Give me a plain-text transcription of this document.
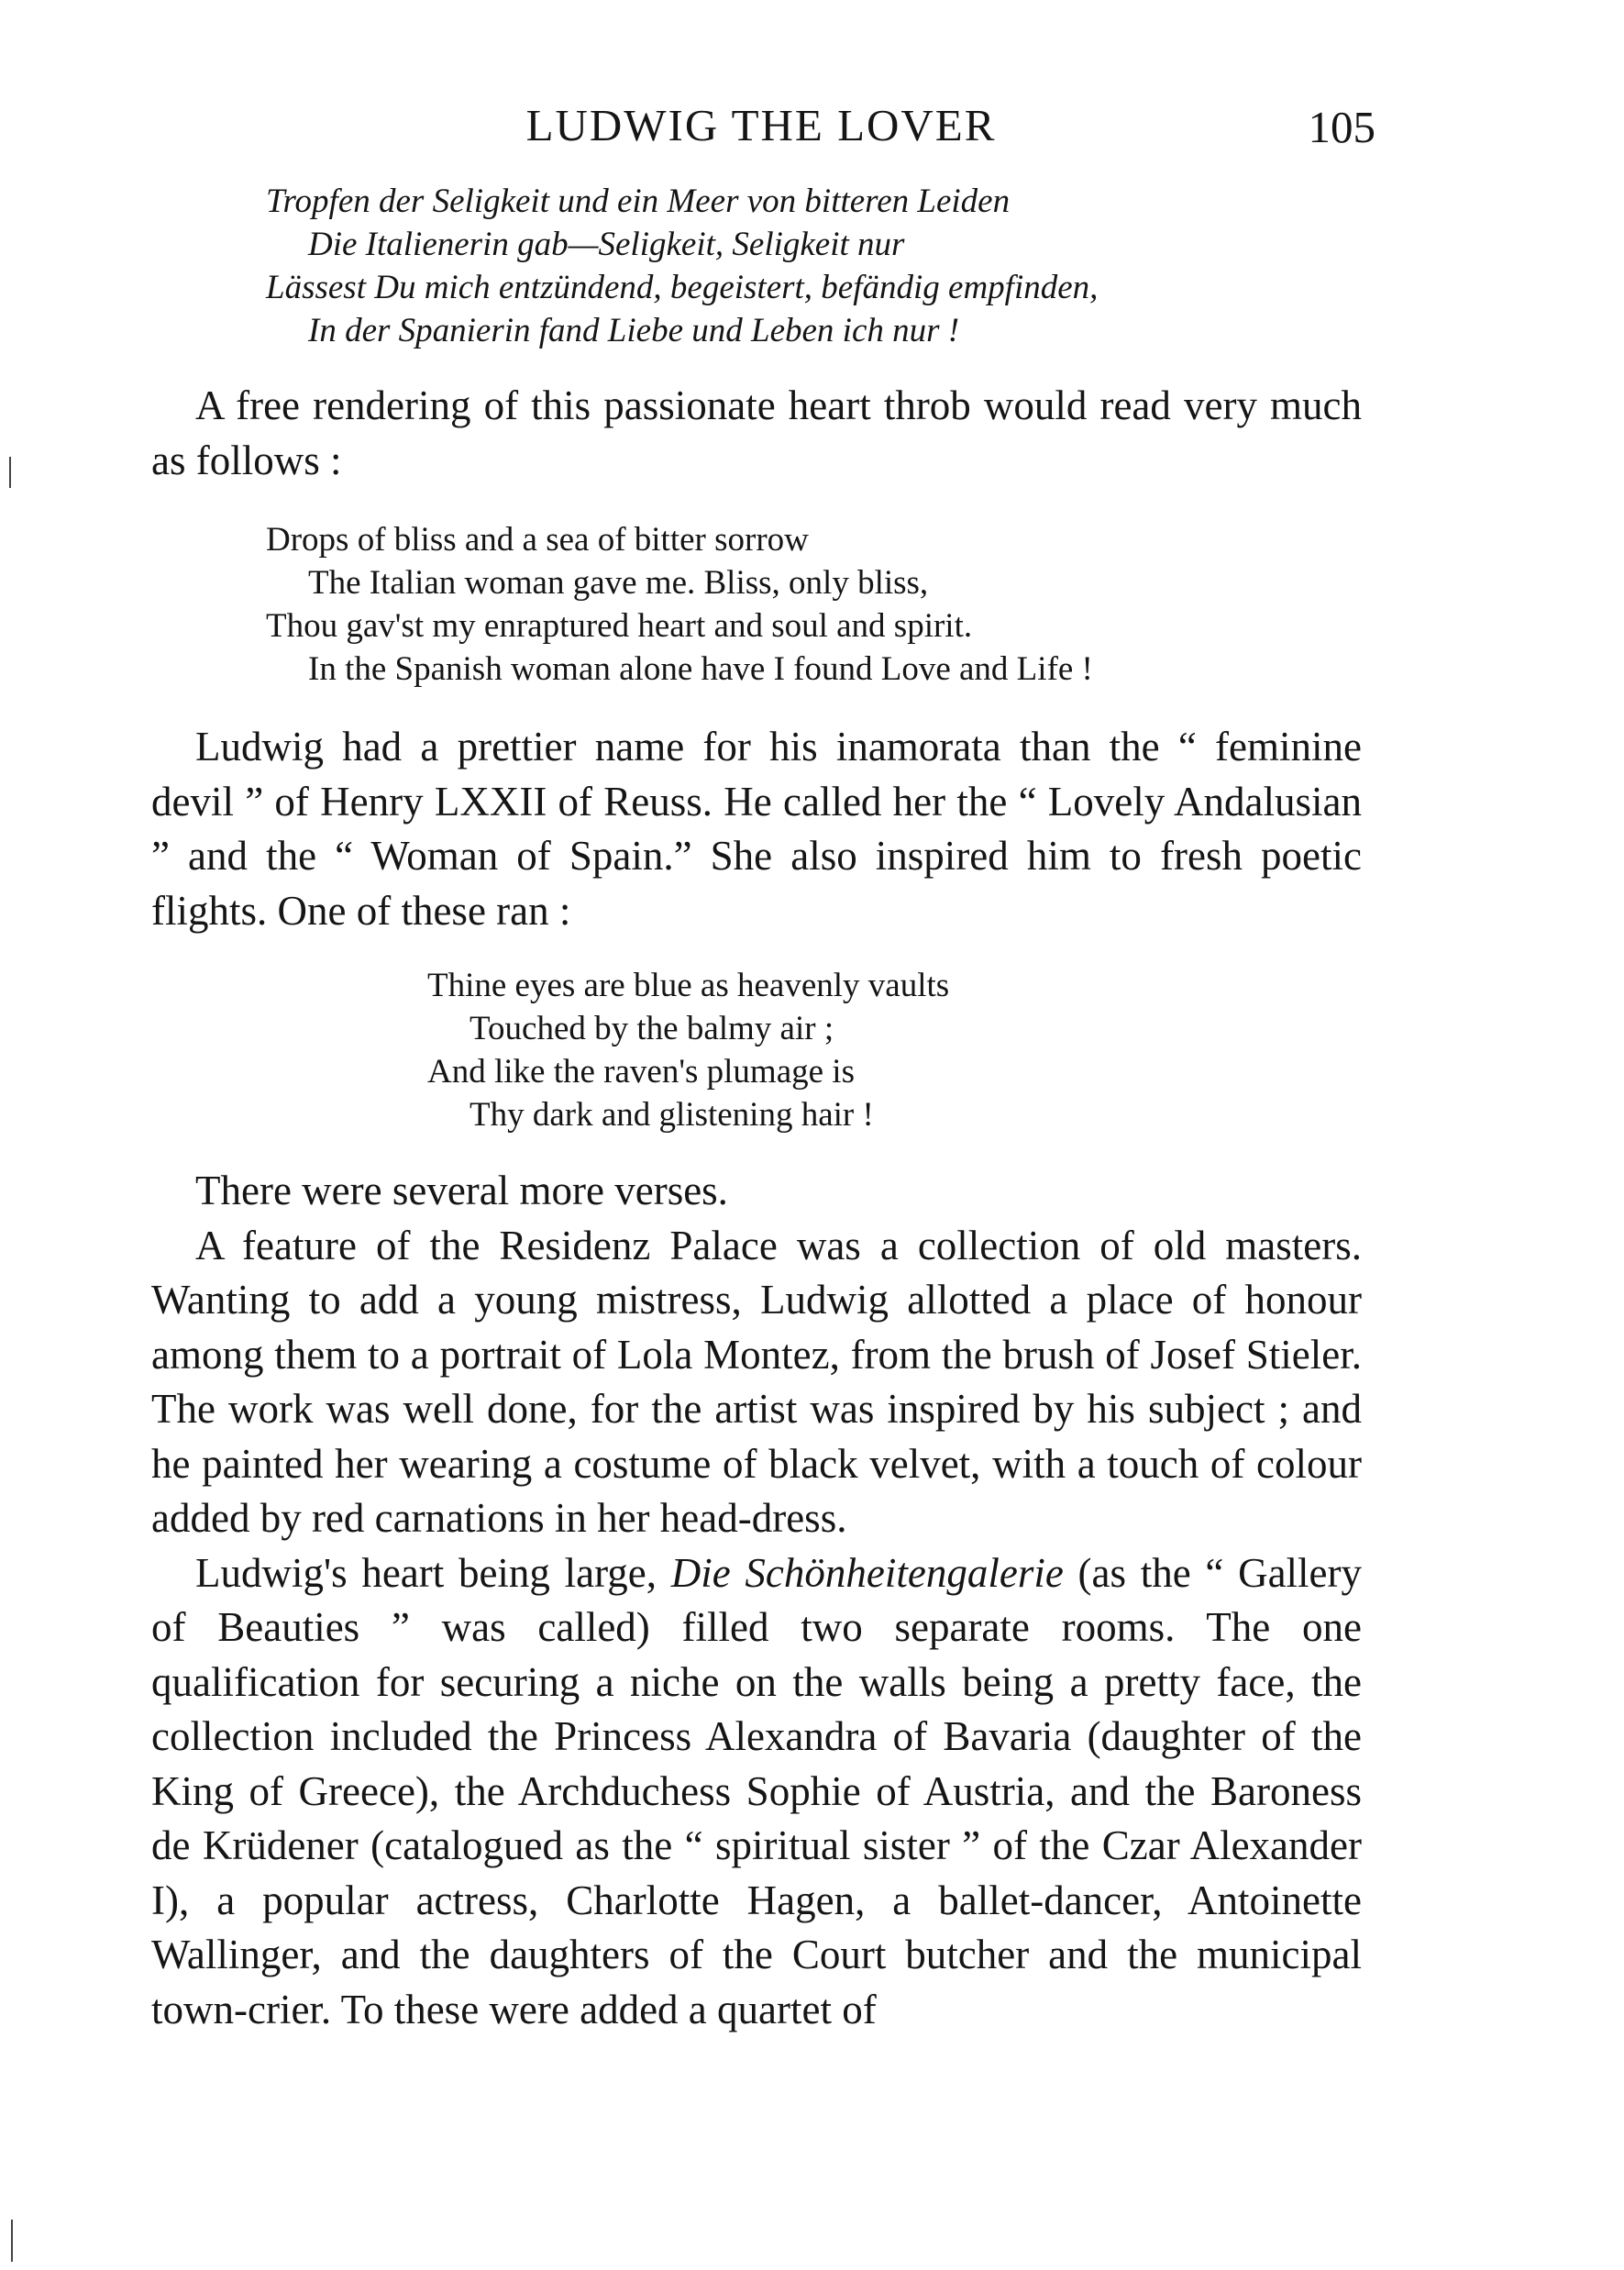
LUDWIG THE LOVER	105
Tropfen der Seligkeit und ein Meer von bitteren Leiden
Die Italienerin gab—Seligkeit, Seligkeit nur
Lässest Du mich entzündend, begeistert, befändig empfinden,
In der Spanierin fand Liebe und Leben ich nur !

A free rendering of this passionate heart throb would read very much as follows :

Drops of bliss and a sea of bitter sorrow
The Italian woman gave me. Bliss, only bliss,
Thou gav'st my enraptured heart and soul and spirit.
In the Spanish woman alone have I found Love and Life !

Ludwig had a prettier name for his inamorata than the “ feminine devil ” of Henry LXXII of Reuss. He called her the “ Lovely Andalusian ” and the “ Woman of Spain.” She also inspired him to fresh poetic flights. One of these ran :

Thine eyes are blue as heavenly vaults
Touched by the balmy air ;
And like the raven's plumage is
Thy dark and glistening hair !

There were several more verses.

A feature of the Residenz Palace was a collection of old masters. Wanting to add a young mistress, Ludwig allotted a place of honour among them to a portrait of Lola Montez, from the brush of Josef Stieler. The work was well done, for the artist was inspired by his subject ; and he painted her wearing a costume of black velvet, with a touch of colour added by red carnations in her head-dress.

Ludwig's heart being large, Die Schönheitengalerie (as the “ Gallery of Beauties ” was called) filled two separate rooms. The one qualification for securing a niche on the walls being a pretty face, the collection included the Princess Alexandra of Bavaria (daughter of the King of Greece), the Archduchess Sophie of Austria, and the Baroness de Krüdener (catalogued as the “ spiritual sister ” of the Czar Alexander I), a popular actress, Charlotte Hagen, a ballet-dancer, Antoinette Wallinger, and the daughters of the Court butcher and the municipal town-crier. To these were added a quartet of
